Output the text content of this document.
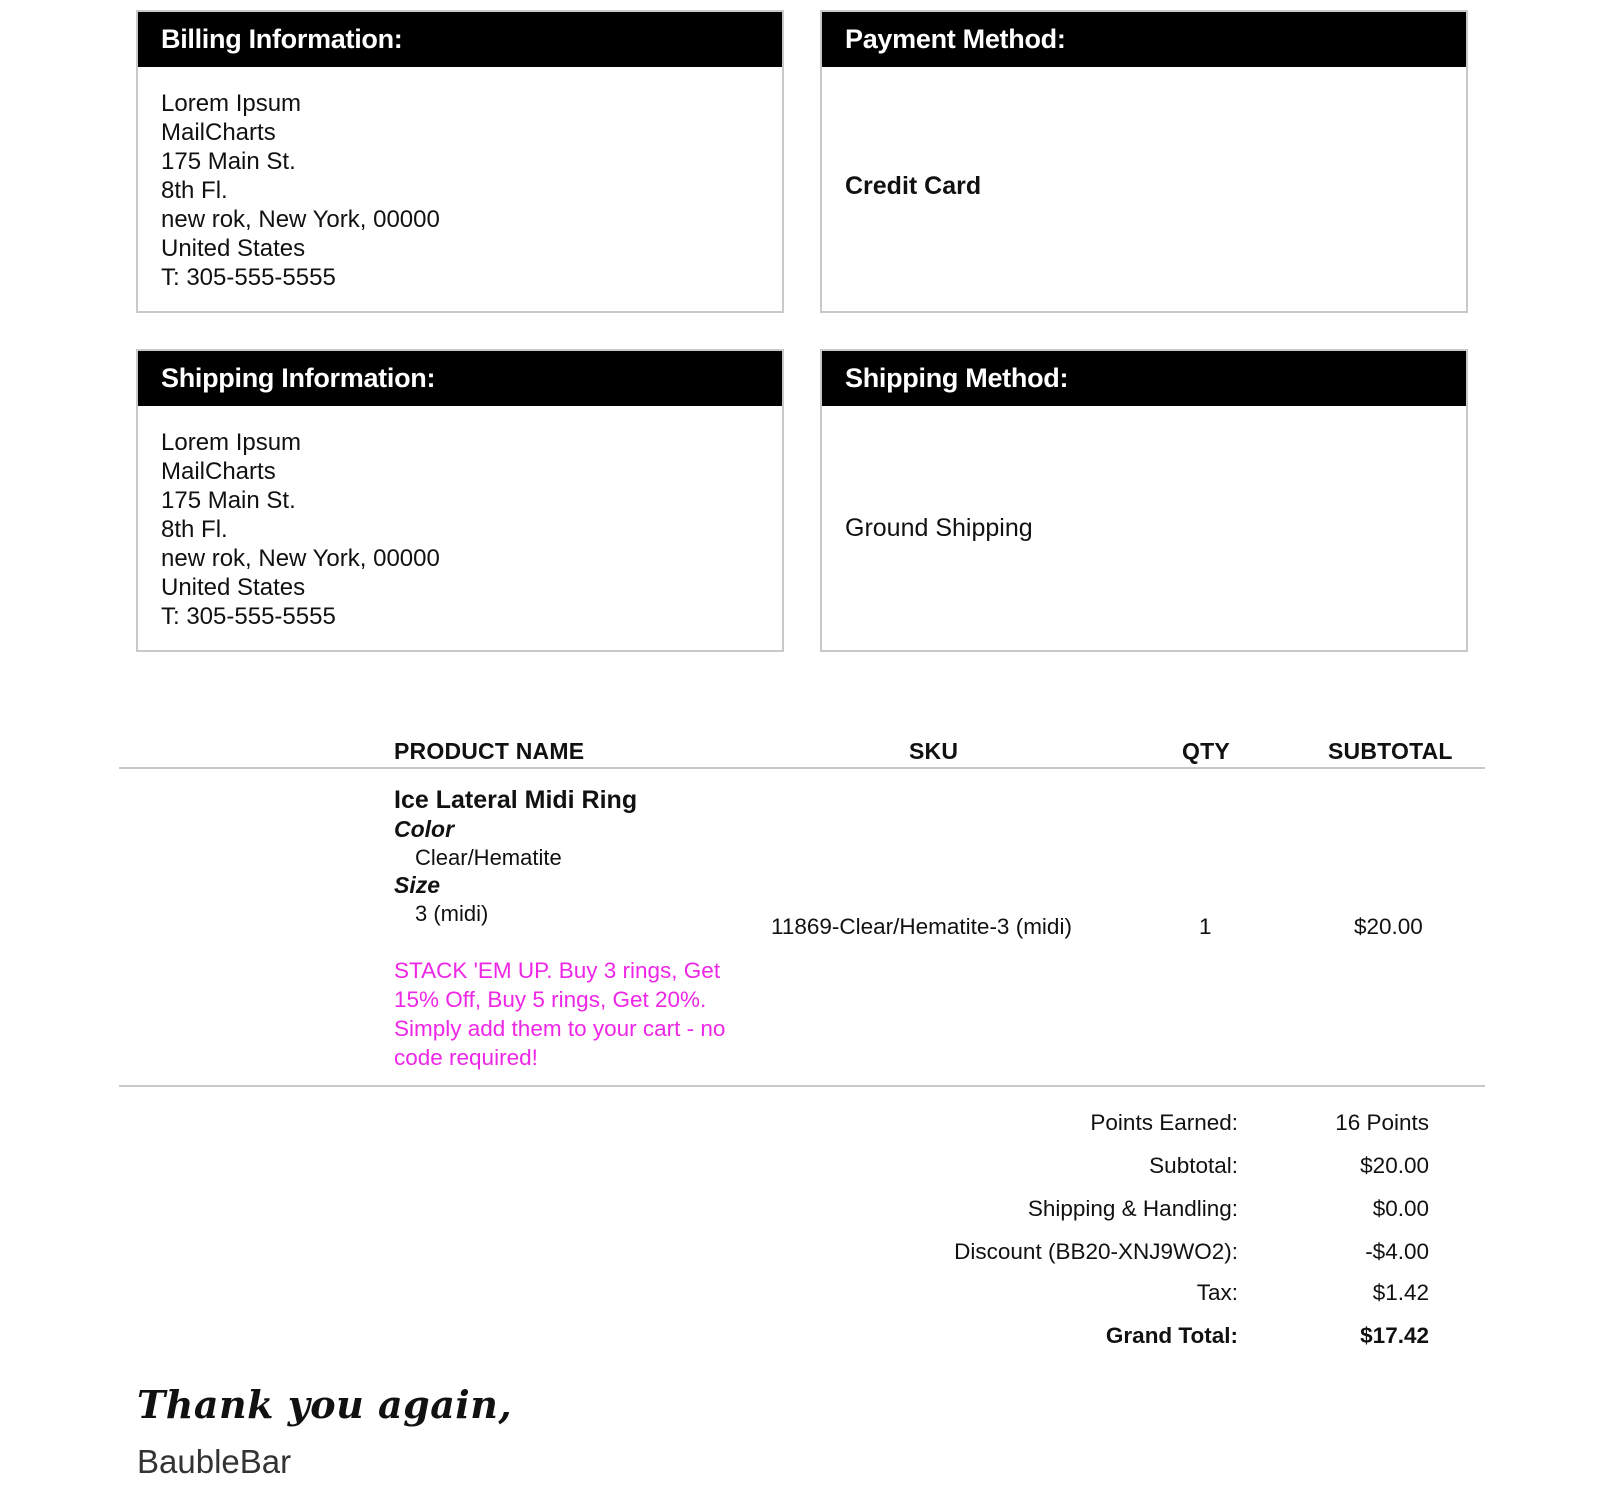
Billing Information:
Lorem Ipsum
MailCharts
175 Main St.
8th Fl.
new rok, New York, 00000
United States
T: 305-555-5555
Payment Method:
Credit Card
Shipping Information:
Lorem Ipsum
MailCharts
175 Main St.
8th Fl.
new rok, New York, 00000
United States
T: 305-555-5555
Shipping Method:
Ground Shipping
PRODUCT NAME	SKU	QTY	SUBTOTAL
Ice Lateral Midi Ring
Color
Clear/Hematite
Size
3 (midi)
STACK 'EM UP. Buy 3 rings, Get 15% Off, Buy 5 rings, Get 20%. Simply add them to your cart - no code required!
11869-Clear/Hematite-3 (midi)	1	$20.00
Points Earned:	16 Points
Subtotal:	$20.00
Shipping & Handling:	$0.00
Discount (BB20-XNJ9WO2):	-$4.00
Tax:	$1.42
Grand Total:	$17.42
Thank you again,
BaubleBar
